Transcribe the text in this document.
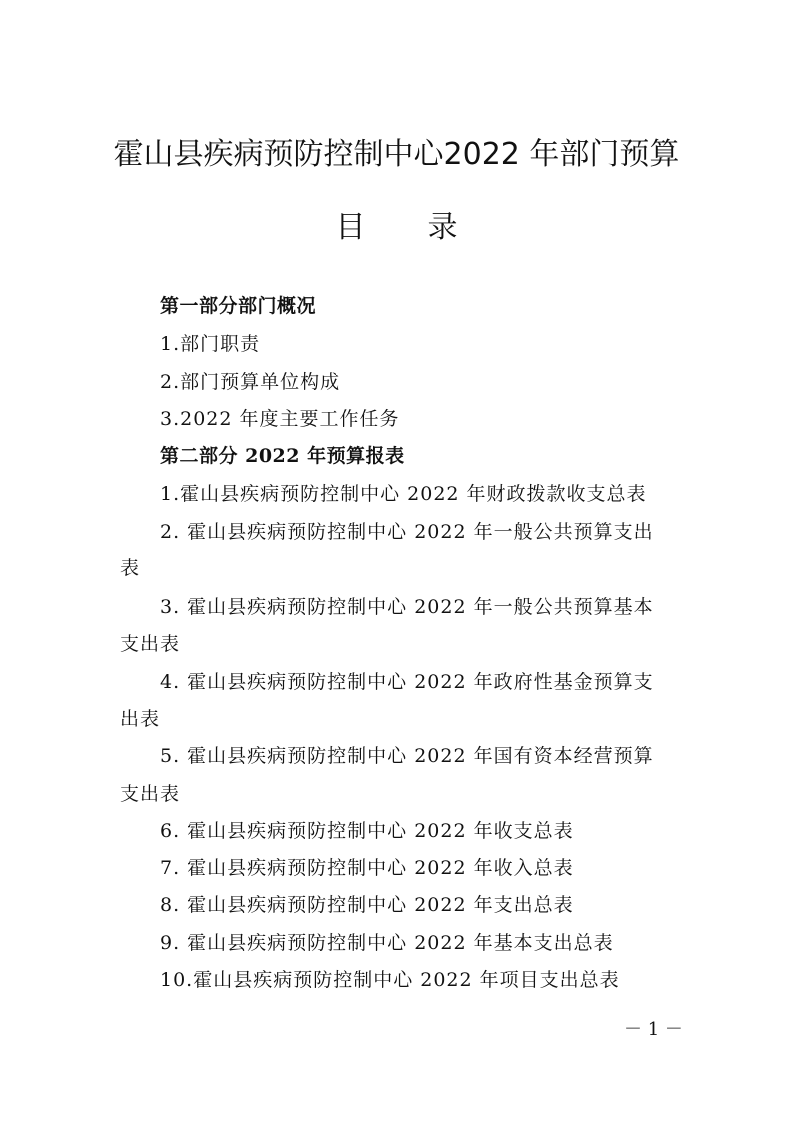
霍山县疾病预防控制中心2022 年部门预算
目录
第一部分部门概况
1.部门职责
2.部门预算单位构成
3.2022 年度主要工作任务
第二部分 2022 年预算报表
1.霍山县疾病预防控制中心 2022 年财政拨款收支总表
2. 霍山县疾病预防控制中心 2022 年一般公共预算支出
表
3. 霍山县疾病预防控制中心 2022 年一般公共预算基本
支出表
4. 霍山县疾病预防控制中心 2022 年政府性基金预算支
出表
5. 霍山县疾病预防控制中心 2022 年国有资本经营预算
支出表
6. 霍山县疾病预防控制中心 2022 年收支总表
7. 霍山县疾病预防控制中心 2022 年收入总表
8. 霍山县疾病预防控制中心 2022 年支出总表
9. 霍山县疾病预防控制中心 2022 年基本支出总表
10.霍山县疾病预防控制中心 2022 年项目支出总表
－ 1 －
